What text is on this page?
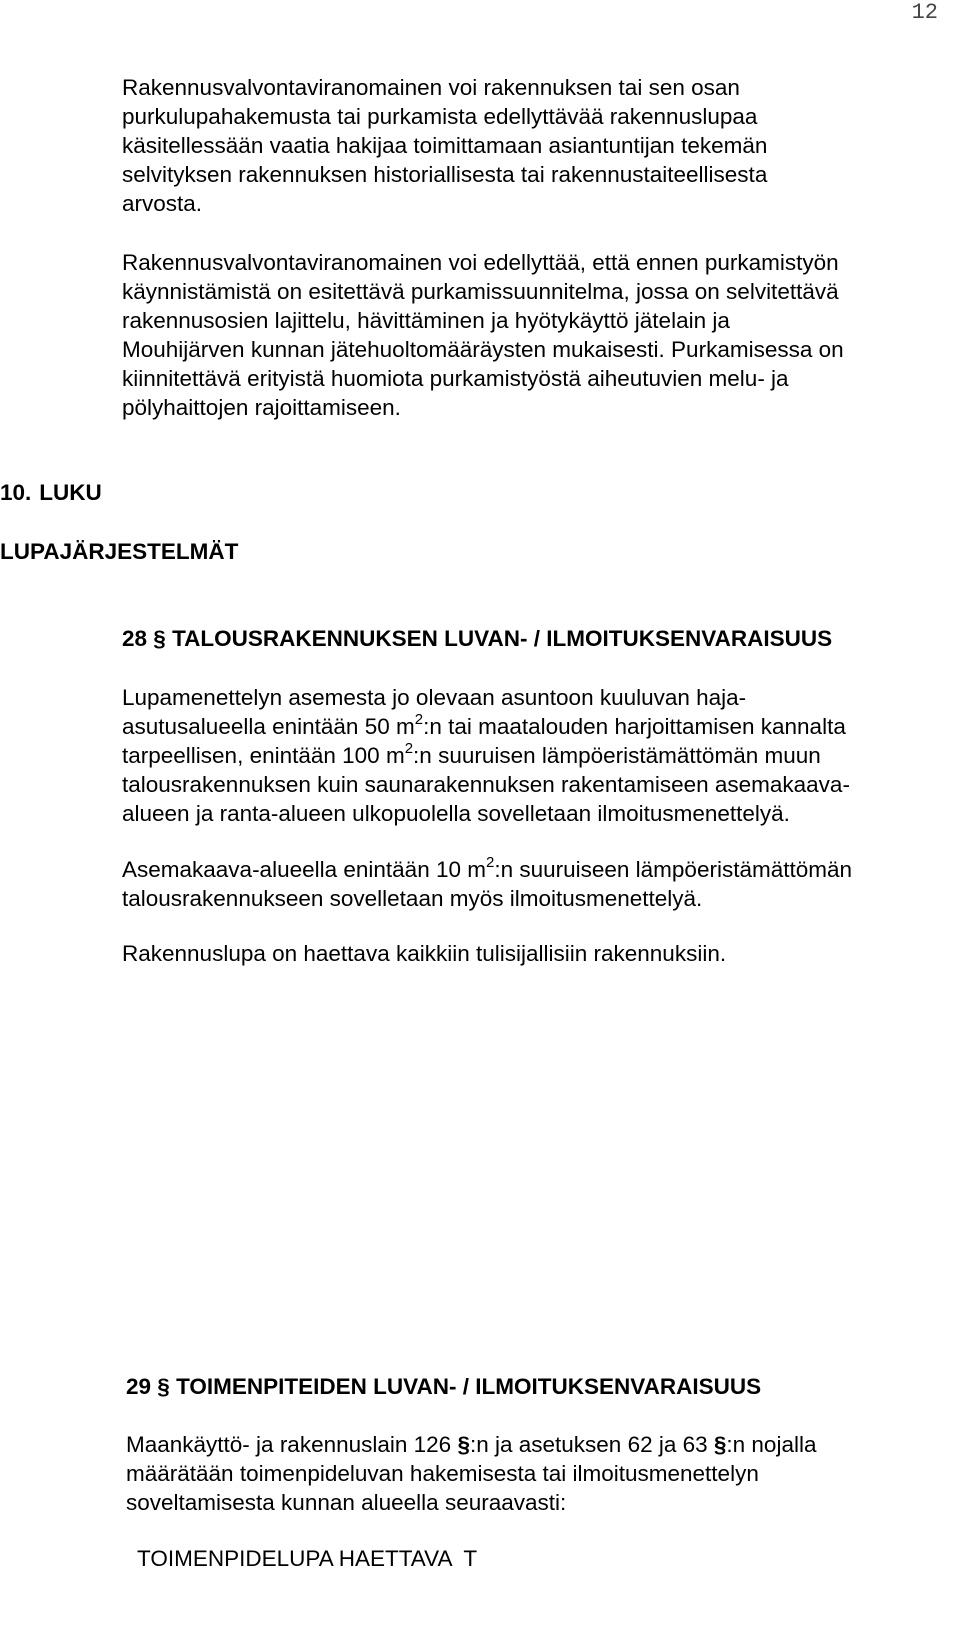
12

Rakennusvalvontaviranomainen voi rakennuksen tai sen osan
purkulupahakemusta tai purkamista edellyttävää rakennuslupaa
käsitellessään vaatia hakijaa toimittamaan asiantuntijan tekemän
selvityksen rakennuksen historiallisesta tai rakennustaiteellisesta
arvosta.

Rakennusvalvontaviranomainen voi edellyttää, että ennen purkamistyön
käynnistämistä on esitettävä purkamissuunnitelma, jossa on selvitettävä
rakennusosien lajittelu, hävittäminen ja hyötykäyttö jätelain ja
Mouhijärven kunnan jätehuoltomääräysten mukaisesti. Purkamisessa on
kiinnitettävä erityistä huomiota purkamistyöstä aiheutuvien melu- ja
pölyhaittojen rajoittamiseen.

10. LUKU
LUPAJÄRJESTELMÄT
28 § TALOUSRAKENNUKSEN LUVAN- / ILMOITUKSENVARAISUUS

Lupamenettelyn asemesta jo olevaan asuntoon kuuluvan haja-
asutusalueella enintään 50 $m^2:n$ tai maatalouden harjoittamisen kannalta
tarpeellisen, enintään 100 $m^2:n$ suuruisen lämpöeristämättömän muun
talousrakennuksen kuin saunarakennuksen rakentamiseen asemakaava-
alueen ja ranta-alueen ulkopuolella sovelletaan ilmoitusmenettelyä.

Asemakaava-alueella enintään 10 $m^2:n$ suuruiseen lämpöeristämättömän
talousrakennukseen sovelletaan myös ilmoitusmenettelyä.

Rakennuslupa on haettava kaikkiin tulisijallisiin rakennuksiin.

29 § TOIMENPITEIDEN LUVAN- / ILMOITUKSENVARAISUUS

Maankäyttö- ja rakennuslain 126 §:n ja asetuksen 62 ja 63 §:n nojalla
määrätään toimenpideluvan hakemisesta tai ilmoitusmenettelyn
soveltamisesta kunnan alueella seuraavasti:

TOIMENPIDELUPA HAETTAVA  T
